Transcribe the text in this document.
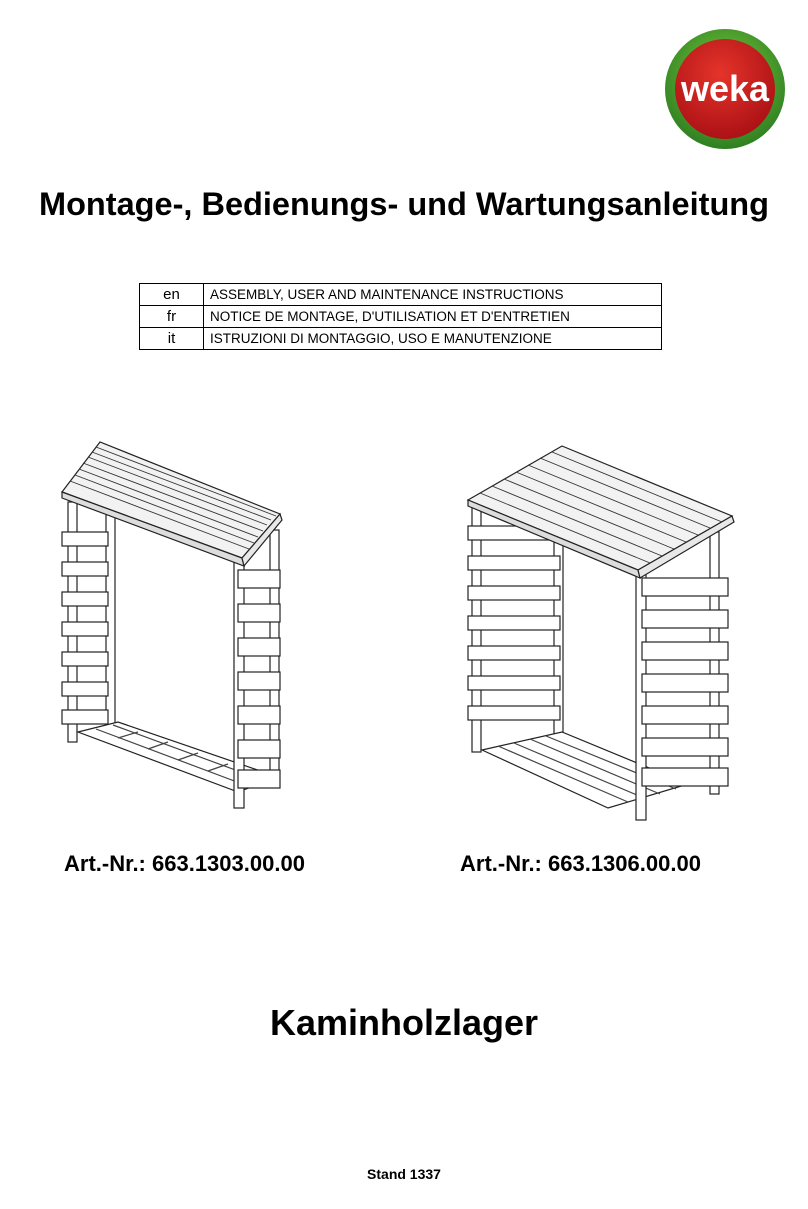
weka
Montage-, Bedienungs- und Wartungsanleitung
en	ASSEMBLY, USER AND MAINTENANCE INSTRUCTIONS
fr	NOTICE DE MONTAGE, D'UTILISATION ET D'ENTRETIEN
it	ISTRUZIONI DI MONTAGGIO, USO E MANUTENZIONE
Art.-Nr.: 663.1303.00.00	Art.-Nr.: 663.1306.00.00
Kaminholzlager
Stand 1337
